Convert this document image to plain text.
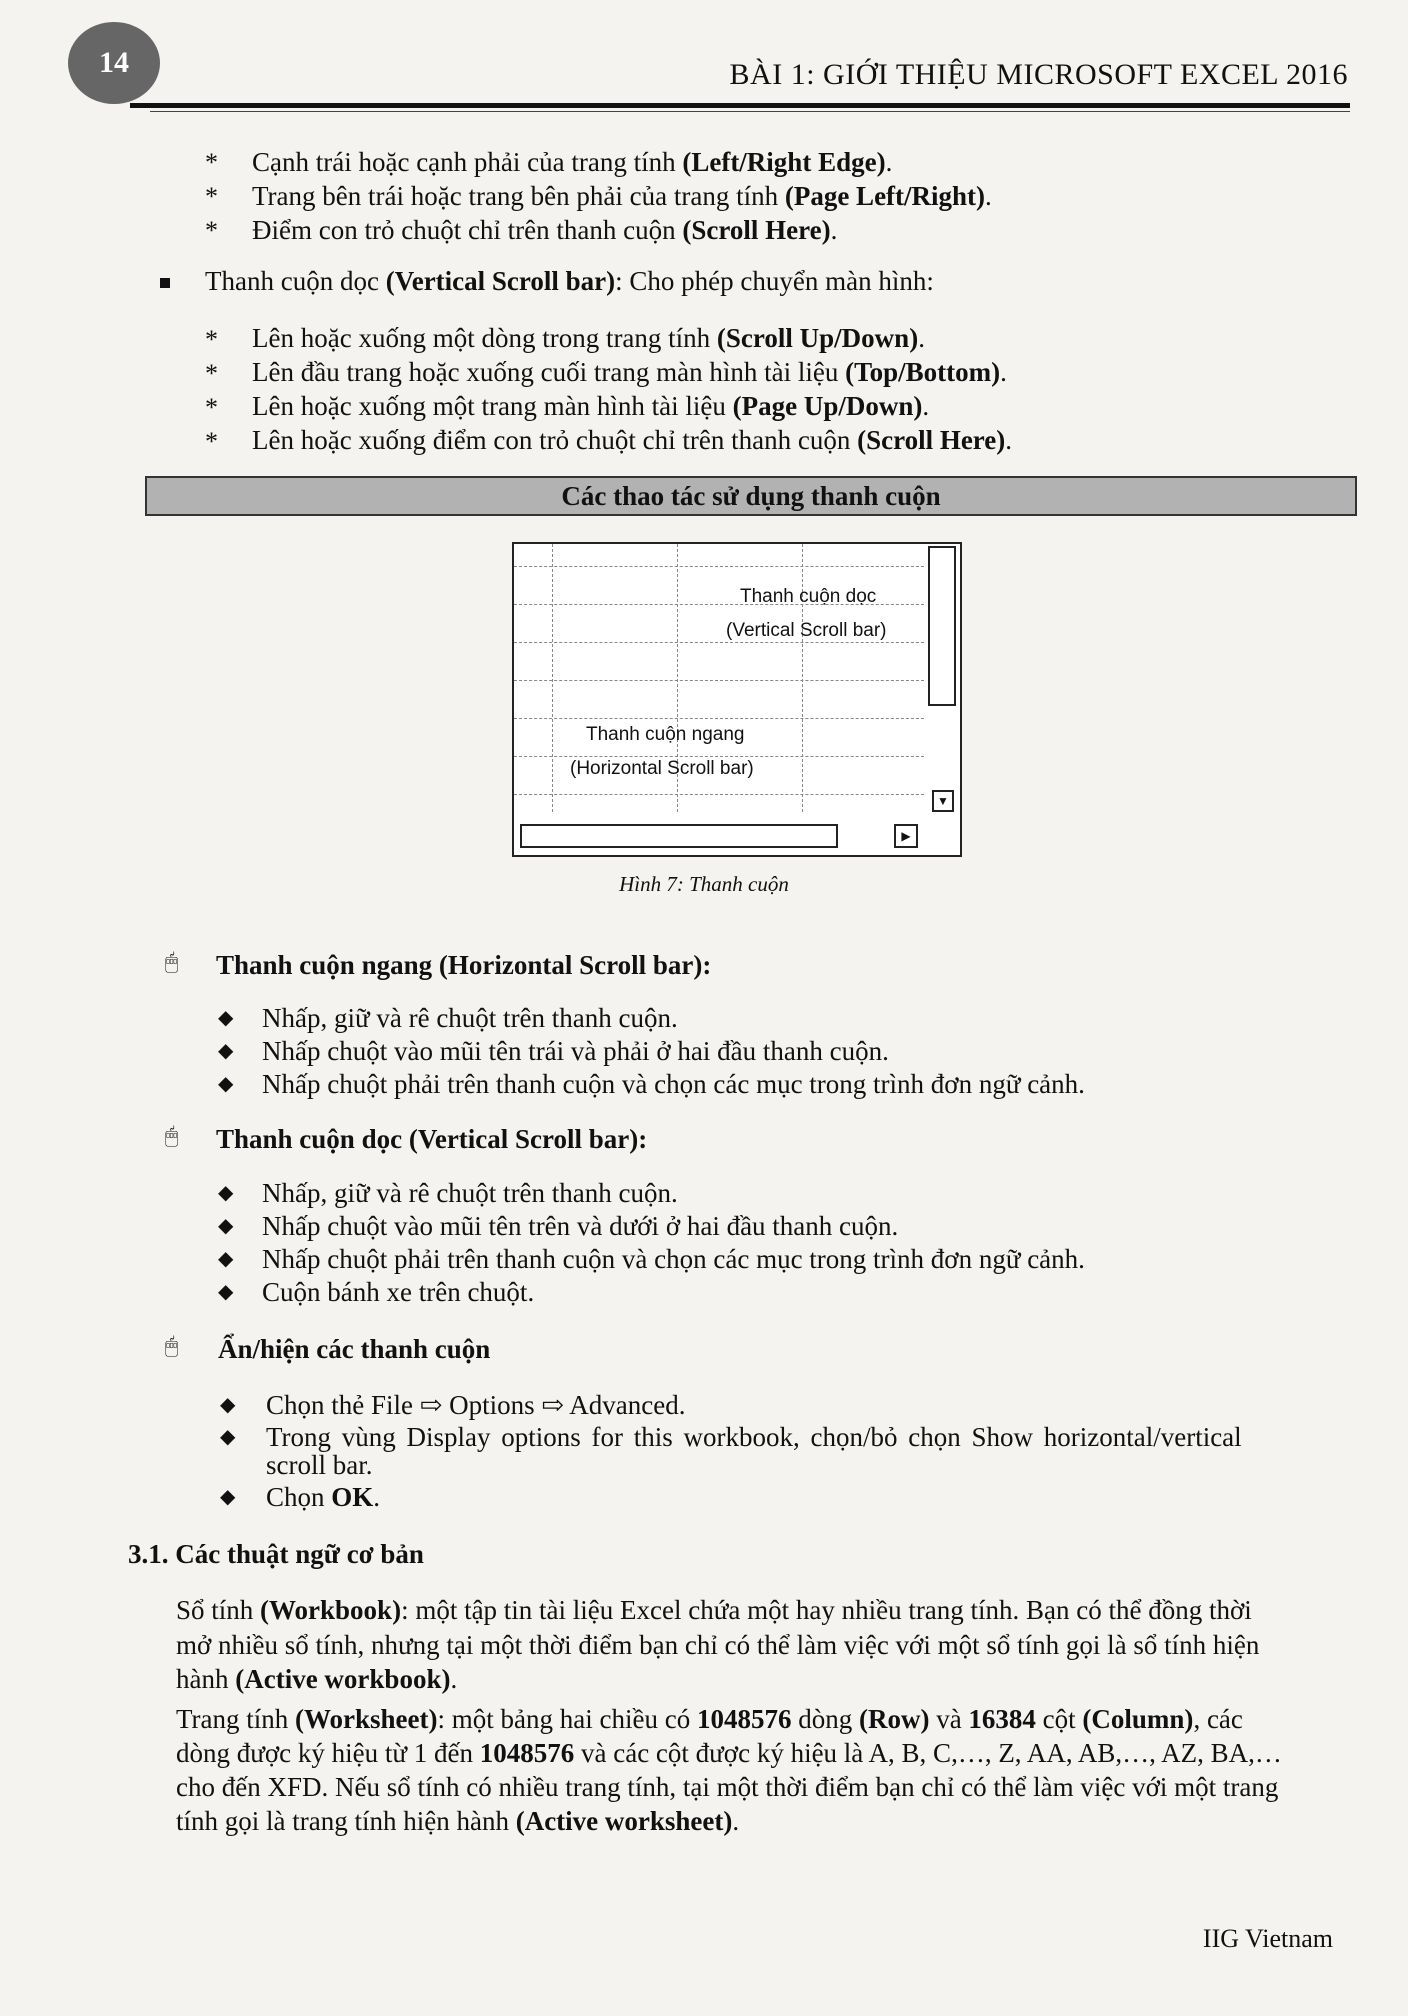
14	BÀI 1: GIỚI THIỆU MICROSOFT EXCEL 2016
* Cạnh trái hoặc cạnh phải của trang tính (Left/Right Edge).
* Trang bên trái hoặc trang bên phải của trang tính (Page Left/Right).
* Điểm con trỏ chuột chỉ trên thanh cuộn (Scroll Here).
Thanh cuộn dọc (Vertical Scroll bar): Cho phép chuyển màn hình:
* Lên hoặc xuống một dòng trong trang tính (Scroll Up/Down).
* Lên đầu trang hoặc xuống cuối trang màn hình tài liệu (Top/Bottom).
* Lên hoặc xuống một trang màn hình tài liệu (Page Up/Down).
* Lên hoặc xuống điểm con trỏ chuột chỉ trên thanh cuộn (Scroll Here).
Các thao tác sử dụng thanh cuộn
Thanh cuộn dọc
(Vertical Scroll bar)
Thanh cuộn ngang
(Horizontal Scroll bar)
▼
▶
Hình 7: Thanh cuộn
🖱 Thanh cuộn ngang (Horizontal Scroll bar):
◆ Nhấp, giữ và rê chuột trên thanh cuộn.
◆ Nhấp chuột vào mũi tên trái và phải ở hai đầu thanh cuộn.
◆ Nhấp chuột phải trên thanh cuộn và chọn các mục trong trình đơn ngữ cảnh.
🖱 Thanh cuộn dọc (Vertical Scroll bar):
◆ Nhấp, giữ và rê chuột trên thanh cuộn.
◆ Nhấp chuột vào mũi tên trên và dưới ở hai đầu thanh cuộn.
◆ Nhấp chuột phải trên thanh cuộn và chọn các mục trong trình đơn ngữ cảnh.
◆ Cuộn bánh xe trên chuột.
🖱 Ẩn/hiện các thanh cuộn
◆ Chọn thẻ File ⇨ Options ⇨ Advanced.
◆ Trong vùng Display options for this workbook, chọn/bỏ chọn Show horizontal/vertical
scroll bar.
◆ Chọn OK.
3.1. Các thuật ngữ cơ bản
Sổ tính (Workbook): một tập tin tài liệu Excel chứa một hay nhiều trang tính. Bạn có thể đồng thời
mở nhiều sổ tính, nhưng tại một thời điểm bạn chỉ có thể làm việc với một sổ tính gọi là sổ tính hiện
hành (Active workbook).
Trang tính (Worksheet): một bảng hai chiều có 1048576 dòng (Row) và 16384 cột (Column), các
dòng được ký hiệu từ 1 đến 1048576 và các cột được ký hiệu là A, B, C,…, Z, AA, AB,…, AZ, BA,…
cho đến XFD. Nếu sổ tính có nhiều trang tính, tại một thời điểm bạn chỉ có thể làm việc với một trang
tính gọi là trang tính hiện hành (Active worksheet).
IIG Vietnam
